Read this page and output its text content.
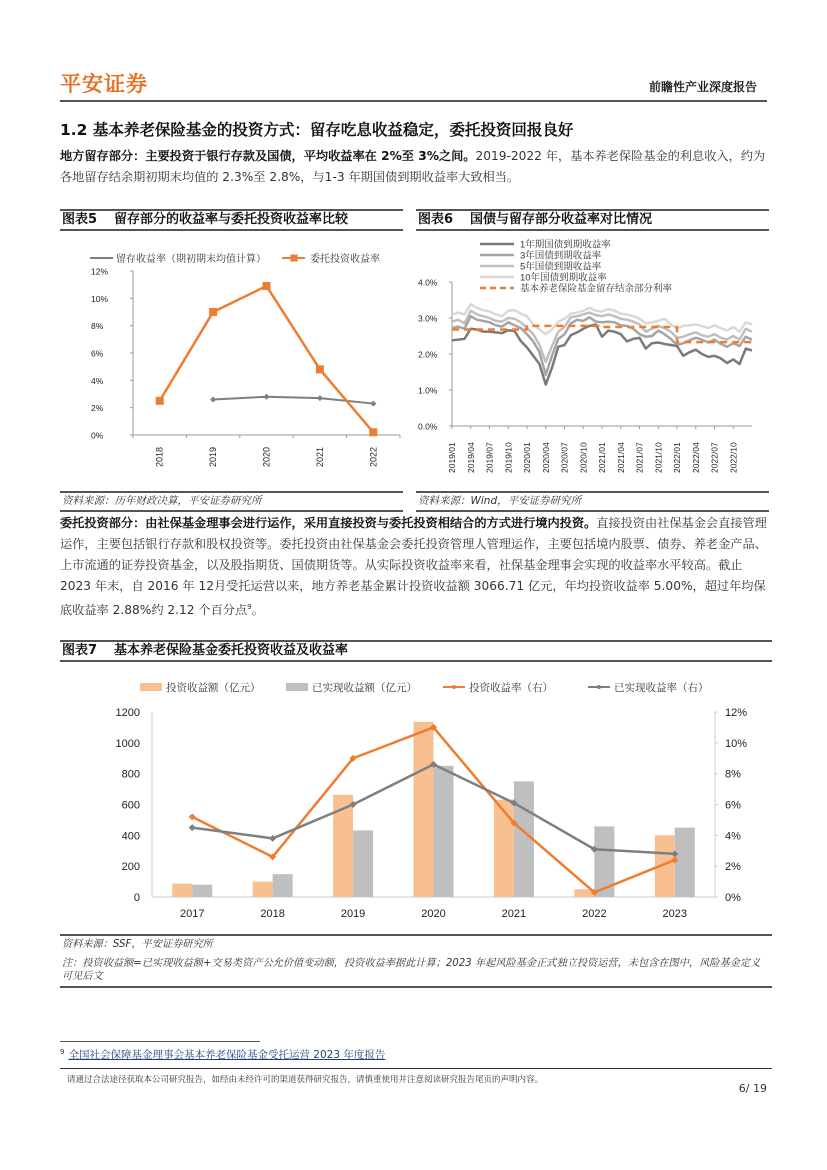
平安证券	前瞻性产业深度报告
1.2 基本养老保险基金的投资方式：留存吃息收益稳定，委托投资回报良好
地方留存部分：主要投资于银行存款及国债，平均收益率在 2%至 3%之间。2019-2022 年，基本养老保险基金的利息收入，约为各地留存结余期初期末均值的 2.3%至 2.8%，与1-3 年期国债到期收益率大致相当。
图表5 留存部分的收益率与委托投资收益率比较
0%
2%
4%
6%
8%
10%
12%
2018	2019	2020	2021	2022
留存收益率（期初期末均值计算）	委托投资收益率
资料来源：历年财政决算，平安证券研究所
图表6 国债与留存部分收益率对比情况
0.0%
1.0%
2.0%
3.0%
4.0%
2019/01 2019/04 2019/07 2019/10 2020/01 2020/04 2020/07 2020/10 2021/01 2021/04 2021/07 2021/10 2022/01 2022/04 2022/07 2022/10
1年期国债到期收益率
3年国债到期收益率
5年国债到期收益率
10年国债到期收益率
基本养老保险基金留存结余部分利率
资料来源：Wind，平安证券研究所
委托投资部分：由社保基金理事会进行运作，采用直接投资与委托投资相结合的方式进行境内投资。直接投资由社保基金会直接管理运作，主要包括银行存款和股权投资等。委托投资由社保基金会委托投资管理人管理运作，主要包括境内股票、债券、养老金产品、上市流通的证券投资基金，以及股指期货、国债期货等。从实际投资收益率来看，社保基金理事会实现的收益率水平较高。截止2023 年末，自 2016 年 12月受托运营以来，地方养老基金累计投资收益额 3066.71 亿元，年均投资收益率 5.00%，超过年均保底收益率 2.88%约 2.12 个百分点$^9$。
图表7 基本养老保险基金委托投资收益及收益率
0
200
400
600
800
1000
1200
0%
2%
4%
6%
8%
10%
12%
2017	2018	2019	2020	2021	2022	2023
投资收益额（亿元）	已实现收益额（亿元）	投资收益率（右）	已实现收益率（右）
资料来源：SSF，平安证券研究所
注：投资收益额=已实现收益额+交易类资产公允价值变动额，投资收益率据此计算；2023 年起风险基金正式独立投资运营，未包含在图中，风险基金定义可见后文
$^9$ 全国社会保障基金理事会基本养老保险基金受托运营 2023 年度报告
请通过合法途径获取本公司研究报告，如经由未经许可的渠道获得研究报告，请慎重使用并注意阅读研究报告尾页的声明内容。
6/ 19
